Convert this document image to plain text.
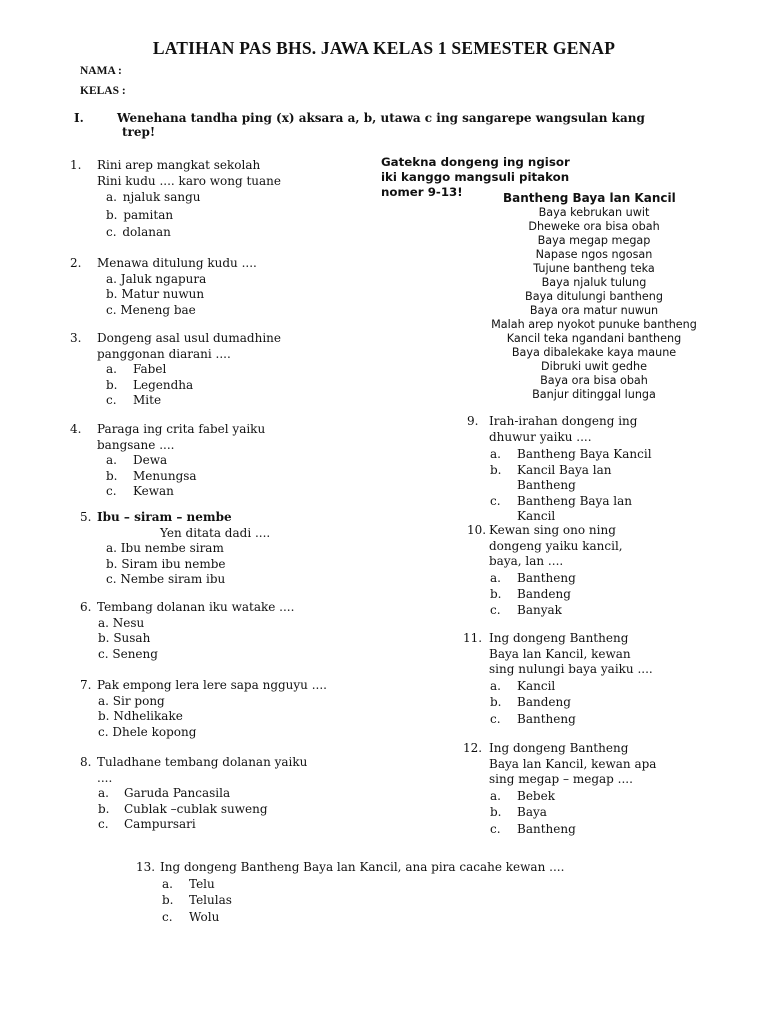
LATIHAN PAS BHS. JAWA KELAS 1 SEMESTER GENAP
NAMA :
KELAS :
I.	Wenehana tandha ping (x) aksara a, b, utawa c ing sangarepe wangsulan kang
trep!
1. Rini arep mangkat sekolah
Rini kudu .... karo wong tuane
a. njaluk sangu
b. pamitan
c. dolanan
2. Menawa ditulung kudu ....
a. Jaluk ngapura
b. Matur nuwun
c. Meneng bae
3. Dongeng asal usul dumadhine
panggonan diarani ....
a. Fabel
b. Legendha
c. Mite
4. Paraga ing crita fabel yaiku
bangsane ....
a. Dewa
b. Menungsa
c. Kewan
5. Ibu – siram – nembe
Yen ditata dadi ....
a. Ibu nembe siram
b. Siram ibu nembe
c. Nembe siram ibu
6. Tembang dolanan iku watake ....
a. Nesu
b. Susah
c. Seneng
7. Pak empong lera lere sapa ngguyu ....
a. Sir pong
b. Ndhelikake
c. Dhele kopong
8. Tuladhane tembang dolanan yaiku
....
a. Garuda Pancasila
b. Cublak –cublak suweng
c. Campursari
Gatekna dongeng ing ngisor
iki kanggo mangsuli pitakon
nomer 9-13!	Bantheng Baya lan Kancil
Baya kebrukan uwit
Dheweke ora bisa obah
Baya megap megap
Napase ngos ngosan
Tujune bantheng teka
Baya njaluk tulung
Baya ditulungi bantheng
Baya ora matur nuwun
Malah arep nyokot punuke bantheng
Kancil teka ngandani bantheng
Baya dibalekake kaya maune
Dibruki uwit gedhe
Baya ora bisa obah
Banjur ditinggal lunga
9. Irah-irahan dongeng ing
dhuwur yaiku ....
a. Bantheng Baya Kancil
b. Kancil Baya lan
Bantheng
c. Bantheng Baya lan
Kancil
10. Kewan sing ono ning
dongeng yaiku kancil,
baya, lan ....
a. Bantheng
b. Bandeng
c. Banyak
11. Ing dongeng Bantheng
Baya lan Kancil, kewan
sing nulungi baya yaiku ....
a. Kancil
b. Bandeng
c. Bantheng
12. Ing dongeng Bantheng
Baya lan Kancil, kewan apa
sing megap – megap ....
a. Bebek
b. Baya
c. Bantheng
13. Ing dongeng Bantheng Baya lan Kancil, ana pira cacahe kewan ....
a. Telu
b. Telulas
c. Wolu
